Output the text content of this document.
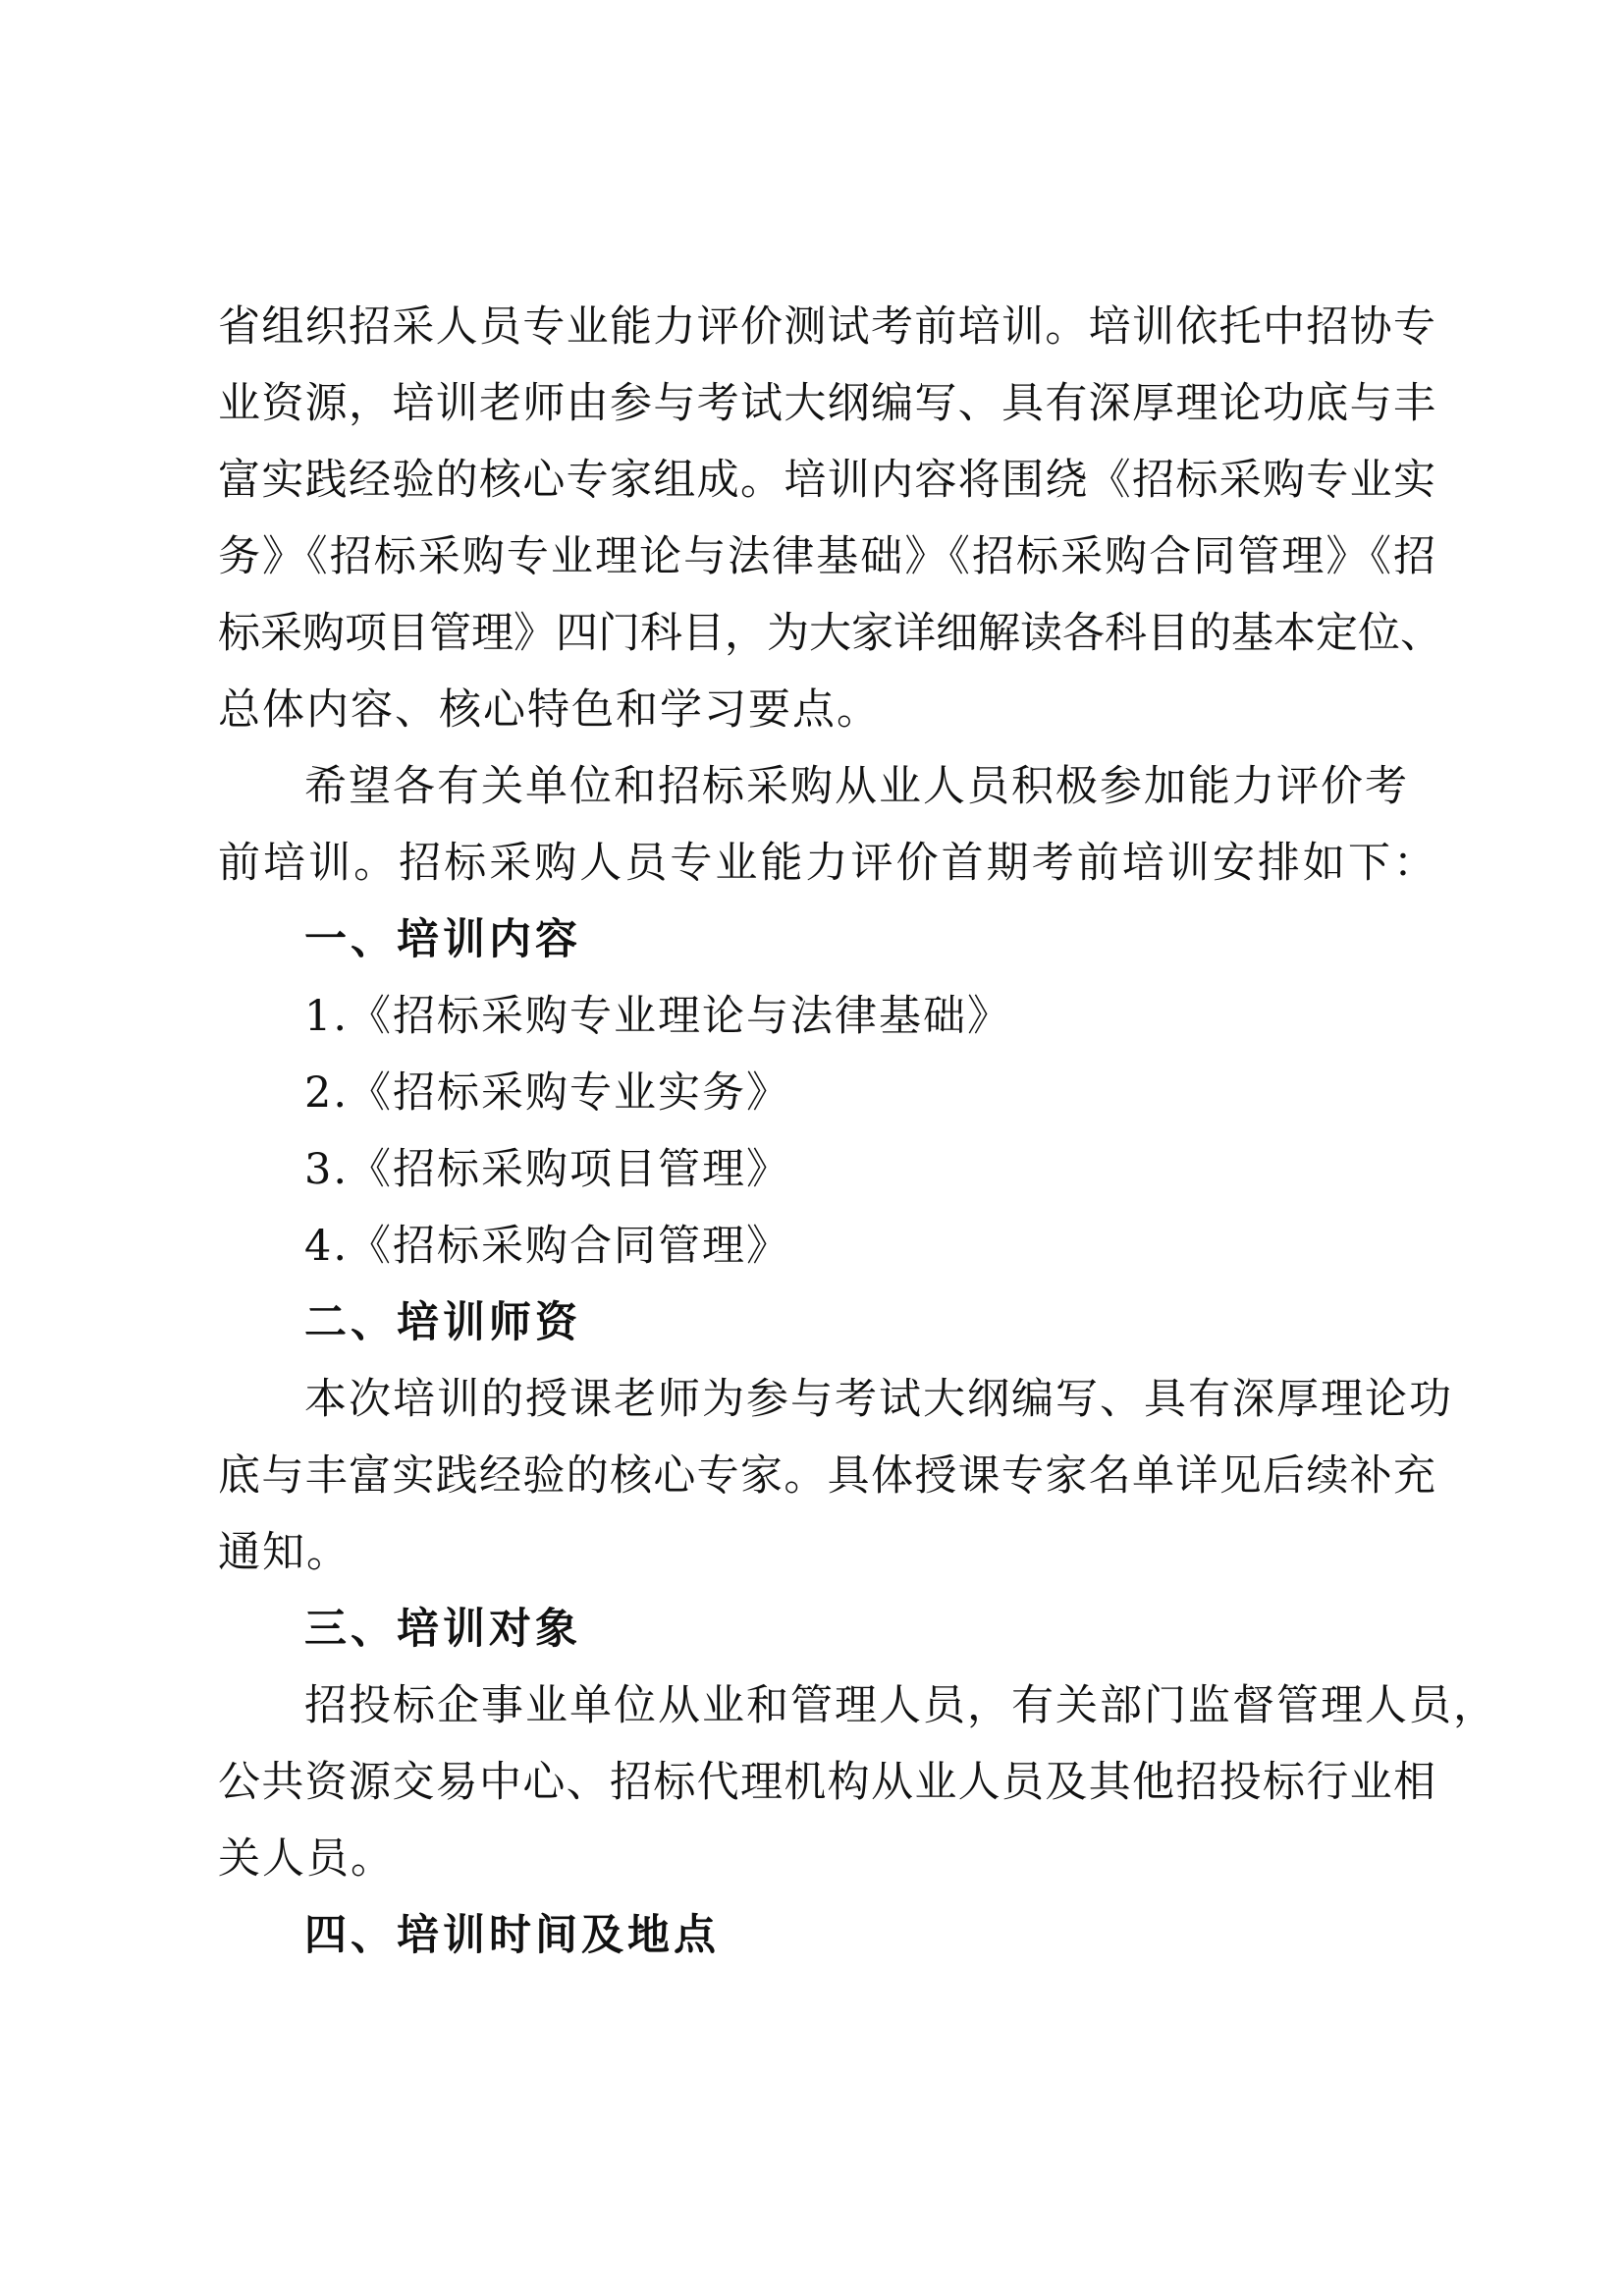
省组织招采人员专业能力评价测试考前培训。培训依托中招协专
业资源，培训老师由参与考试大纲编写、具有深厚理论功底与丰
富实践经验的核心专家组成。培训内容将围绕《招标采购专业实
务》《招标采购专业理论与法律基础》《招标采购合同管理》《招
标采购项目管理》四门科目，为大家详细解读各科目的基本定位、
总体内容、核心特色和学习要点。
希望各有关单位和招标采购从业人员积极参加能力评价考
前培训。招标采购人员专业能力评价首期考前培训安排如下：
一、培训内容
1.《招标采购专业理论与法律基础》
2.《招标采购专业实务》
3.《招标采购项目管理》
4.《招标采购合同管理》
二、培训师资
本次培训的授课老师为参与考试大纲编写、具有深厚理论功
底与丰富实践经验的核心专家。具体授课专家名单详见后续补充
通知。
三、培训对象
招投标企事业单位从业和管理人员，有关部门监督管理人员，
公共资源交易中心、招标代理机构从业人员及其他招投标行业相
关人员。
四、培训时间及地点
